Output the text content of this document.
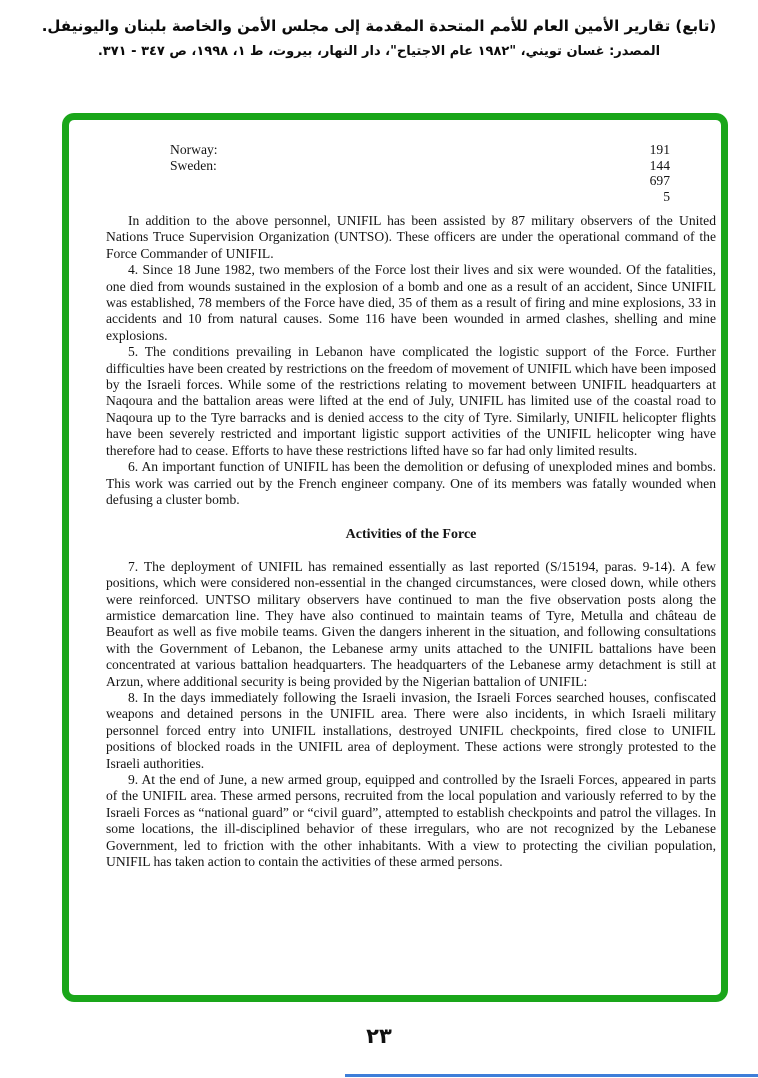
(تابع) تقارير الأمين العام للأمم المتحدة المقدمة إلى مجلس الأمن والخاصة بلبنان واليونيفل.
المصدر: غسان تويني، "١٩٨٢ عام الاجتياح"، دار النهار، بيروت، ط ١، ١٩٩٨، ص ٣٤٧ - ٣٧١.
Norway:	191
Sweden:	144
697
5

In addition to the above personnel, UNIFIL has been assisted by 87 military observers of the United Nations Truce Supervision Organization (UNTSO). These officers are under the operational command of the Force Commander of UNIFIL.

4. Since 18 June 1982, two members of the Force lost their lives and six were wounded. Of the fatalities, one died from wounds sustained in the explosion of a bomb and one as a result of an accident, Since UNIFIL was established, 78 members of the Force have died, 35 of them as a result of firing and mine explosions, 33 in accidents and 10 from natural causes. Some 116 have been wounded in armed clashes, shelling and mine explosions.

5. The conditions prevailing in Lebanon have complicated the logistic support of the Force. Further difficulties have been created by restrictions on the freedom of movement of UNIFIL which have been imposed by the Israeli forces. While some of the restrictions relating to movement between UNIFIL headquarters at Naqoura and the battalion areas were lifted at the end of July, UNIFIL has limited use of the coastal road to Naqoura up to the Tyre barracks and is denied access to the city of Tyre. Similarly, UNIFIL helicopter flights have been severely restricted and important ligistic support activities of the UNIFIL helicopter wing have therefore had to cease. Efforts to have these restrictions lifted have so far had only limited results.

6. An important function of UNIFIL has been the demolition or defusing of unexploded mines and bombs. This work was carried out by the French engineer company. One of its members was fatally wounded when defusing a cluster bomb.

Activities of the Force

7. The deployment of UNIFIL has remained essentially as last reported (S/15194, paras. 9-14). A few positions, which were considered non-essential in the changed circumstances, were closed down, while others were reinforced. UNTSO military observers have continued to man the five observation posts along the armistice demarcation line. They have also continued to maintain teams of Tyre, Metulla and château de Beaufort as well as five mobile teams. Given the dangers inherent in the situation, and following consultations with the Government of Lebanon, the Lebanese army units attached to the UNIFIL battalions have been concentrated at various battalion headquarters. The headquarters of the Lebanese army detachment is still at Arzun, where additional security is being provided by the Nigerian battalion of UNIFIL:

8. In the days immediately following the Israeli invasion, the Israeli Forces searched houses, confiscated weapons and detained persons in the UNIFIL area. There were also incidents, in which Israeli military personnel forced entry into UNIFIL installations, destroyed UNIFIL checkpoints, fired close to UNIFIL positions of blocked roads in the UNIFIL area of deployment. These actions were strongly protested to the Israeli authorities.

9. At the end of June, a new armed group, equipped and controlled by the Israeli Forces, appeared in parts of the UNIFIL area. These armed persons, recruited from the local population and variously referred to by the Israeli Forces as “national guard” or “civil guard”, attempted to establish checkpoints and patrol the villages. In some locations, the ill-disciplined behavior of these irregulars, who are not recognized by the Lebanese Government, led to friction with the other inhabitants. With a view to protecting the civilian population, UNIFIL has taken action to contain the activities of these armed persons.

٢٣
